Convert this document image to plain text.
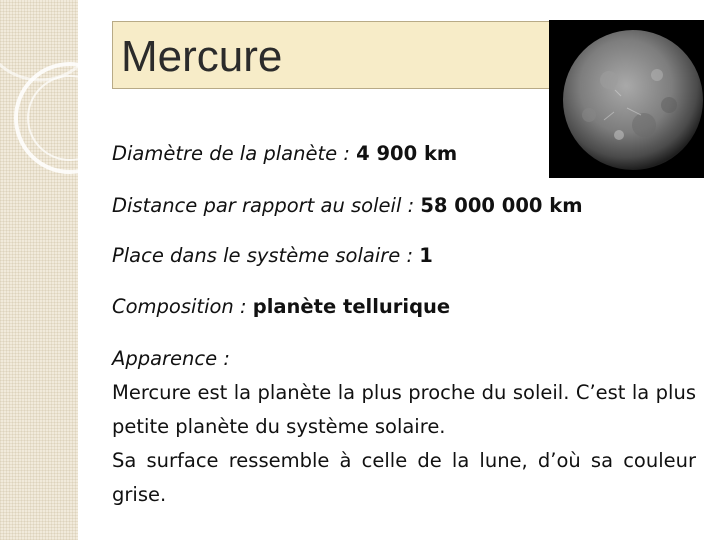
Mercure
Diamètre de la planète : 4 900 km
Distance par rapport au soleil : 58 000 000 km
Place dans le système solaire : 1
Composition : planète tellurique
Apparence :

Mercure est la planète la plus proche du soleil. C’est la plus petite planète du système solaire.

Sa surface ressemble à celle de la lune, d’où sa couleur grise.
